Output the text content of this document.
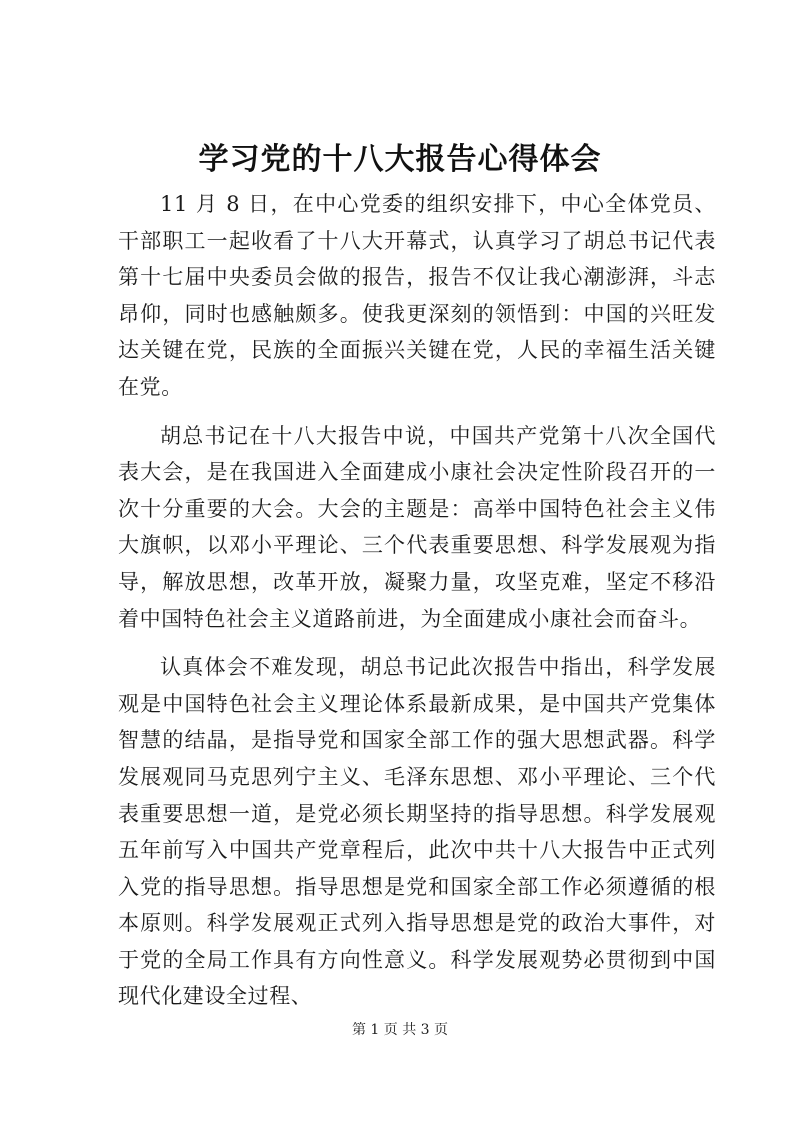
学习党的十八大报告心得体会

11 月 8 日，在中心党委的组织安排下，中心全体党员、干部职工一起收看了十八大开幕式，认真学习了胡总书记代表第十七届中央委员会做的报告，报告不仅让我心潮澎湃，斗志昂仰，同时也感触颇多。使我更深刻的领悟到：中国的兴旺发达关键在党，民族的全面振兴关键在党，人民的幸福生活关键在党。

胡总书记在十八大报告中说，中国共产党第十八次全国代表大会，是在我国进入全面建成小康社会决定性阶段召开的一次十分重要的大会。大会的主题是：高举中国特色社会主义伟大旗帜，以邓小平理论、三个代表重要思想、科学发展观为指导，解放思想，改革开放，凝聚力量，攻坚克难，坚定不移沿着中国特色社会主义道路前进，为全面建成小康社会而奋斗。

认真体会不难发现，胡总书记此次报告中指出，科学发展观是中国特色社会主义理论体系最新成果，是中国共产党集体智慧的结晶，是指导党和国家全部工作的强大思想武器。科学发展观同马克思列宁主义、毛泽东思想、邓小平理论、三个代表重要思想一道，是党必须长期坚持的指导思想。科学发展观五年前写入中国共产党章程后，此次中共十八大报告中正式列入党的指导思想。指导思想是党和国家全部工作必须遵循的根本原则。科学发展观正式列入指导思想是党的政治大事件，对于党的全局工作具有方向性意义。科学发展观势必贯彻到中国现代化建设全过程、

第 1 页 共 3 页
